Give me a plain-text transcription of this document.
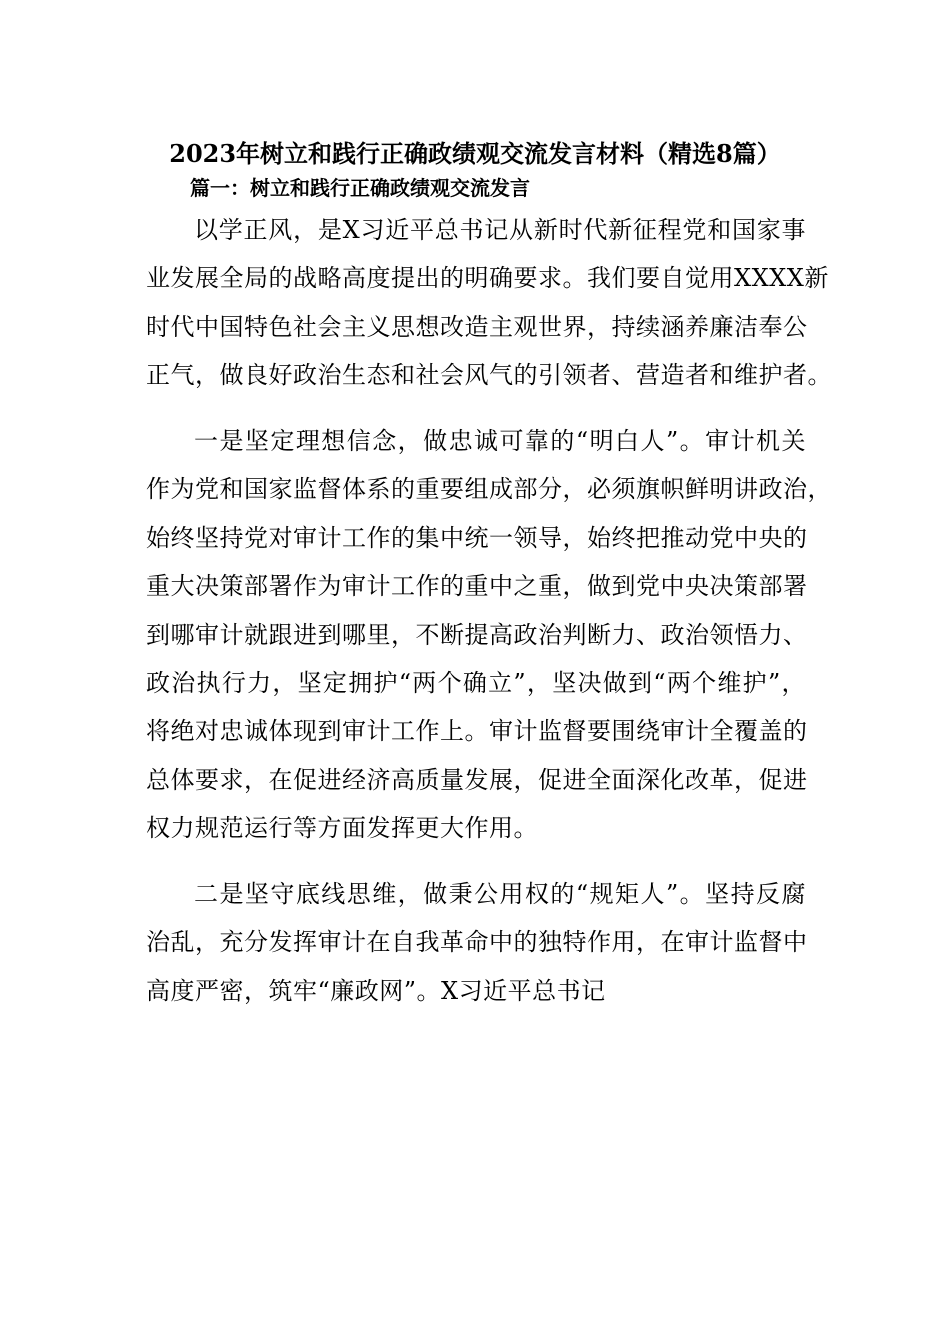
2023年树立和践行正确政绩观交流发言材料（精选8篇）
篇一：树立和践行正确政绩观交流发言
以学正风，是X习近平总书记从新时代新征程党和国家事
业发展全局的战略高度提出的明确要求。我们要自觉用XXXX新
时代中国特色社会主义思想改造主观世界，持续涵养廉洁奉公
正气，做良好政治生态和社会风气的引领者、营造者和维护者。
一是坚定理想信念，做忠诚可靠的“明白人”。审计机关
作为党和国家监督体系的重要组成部分，必须旗帜鲜明讲政治，
始终坚持党对审计工作的集中统一领导，始终把推动党中央的
重大决策部署作为审计工作的重中之重，做到党中央决策部署
到哪审计就跟进到哪里，不断提高政治判断力、政治领悟力、
政治执行力，坚定拥护“两个确立”，坚决做到“两个维护”，
将绝对忠诚体现到审计工作上。审计监督要围绕审计全覆盖的
总体要求，在促进经济高质量发展，促进全面深化改革，促进
权力规范运行等方面发挥更大作用。
二是坚守底线思维，做秉公用权的“规矩人”。坚持反腐
治乱，充分发挥审计在自我革命中的独特作用，在审计监督中
高度严密，筑牢“廉政网”。X习近平总书记
